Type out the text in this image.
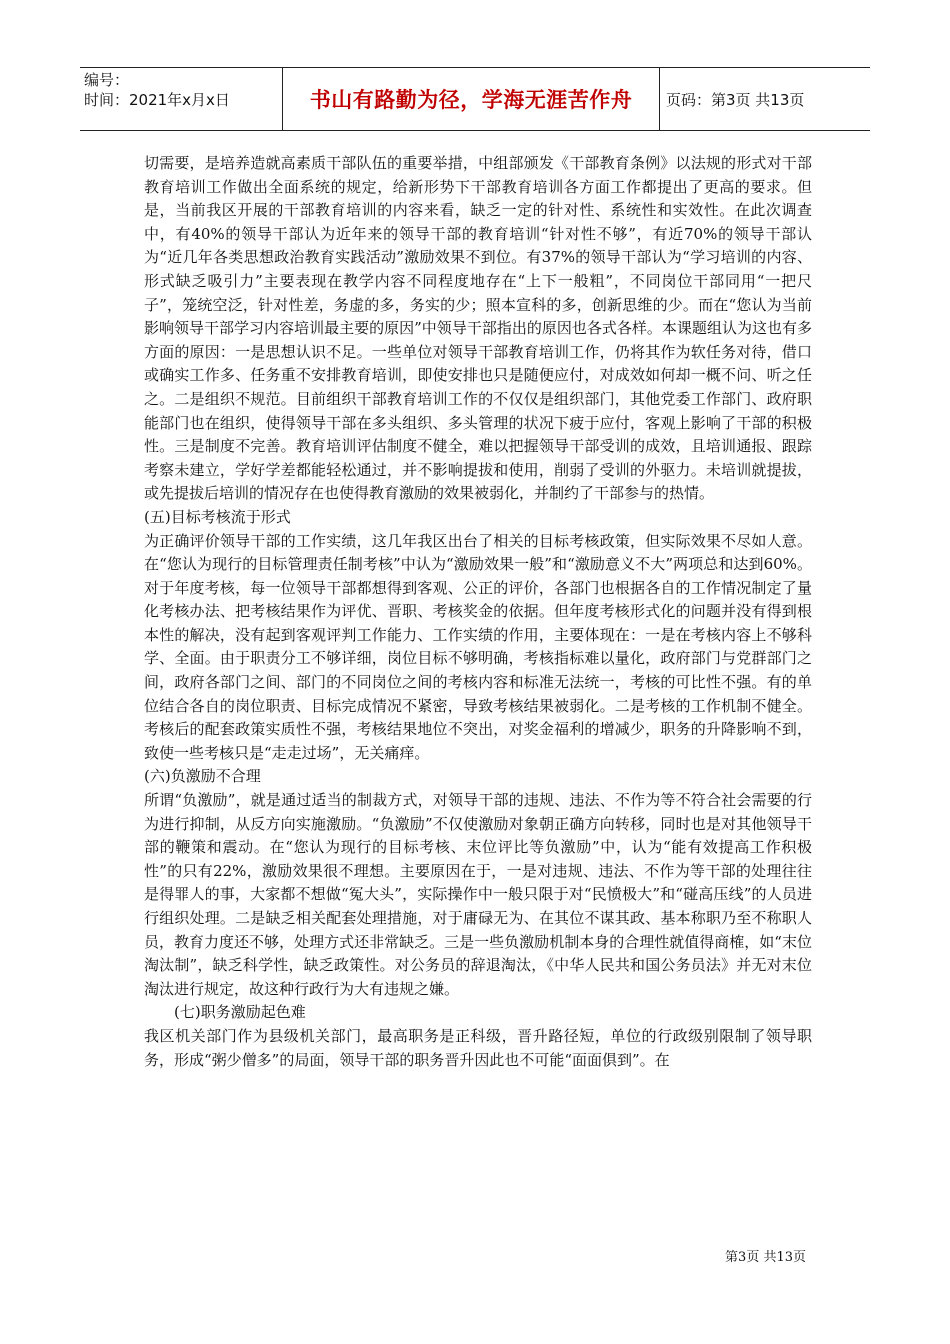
编号：
时间：2021年x月x日	书山有路勤为径，学海无涯苦作舟	页码：第3页 共13页

切需要，是培养造就高素质干部队伍的重要举措，中组部颁发《干部教育条例》以法规的形式对干部教育培训工作做出全面系统的规定，给新形势下干部教育培训各方面工作都提出了更高的要求。但是，当前我区开展的干部教育培训的内容来看，缺乏一定的针对性、系统性和实效性。在此次调查中，有40%的领导干部认为近年来的领导干部的教育培训“针对性不够”，有近70%的领导干部认为“近几年各类思想政治教育实践活动”激励效果不到位。有37%的领导干部认为“学习培训的内容、形式缺乏吸引力”主要表现在教学内容不同程度地存在“上下一般粗”，不同岗位干部同用“一把尺子”，笼统空泛，针对性差，务虚的多，务实的少；照本宣科的多，创新思维的少。而在“您认为当前影响领导干部学习内容培训最主要的原因”中领导干部指出的原因也各式各样。本课题组认为这也有多方面的原因：一是思想认识不足。一些单位对领导干部教育培训工作，仍将其作为软任务对待，借口或确实工作多、任务重不安排教育培训，即使安排也只是随便应付，对成效如何却一概不问、听之任之。二是组织不规范。目前组织干部教育培训工作的不仅仅是组织部门，其他党委工作部门、政府职能部门也在组织，使得领导干部在多头组织、多头管理的状况下疲于应付，客观上影响了干部的积极性。三是制度不完善。教育培训评估制度不健全，难以把握领导干部受训的成效，且培训通报、跟踪考察未建立，学好学差都能轻松通过，并不影响提拔和使用，削弱了受训的外驱力。未培训就提拔，或先提拔后培训的情况存在也使得教育激励的效果被弱化，并制约了干部参与的热情。

(五)目标考核流于形式

为正确评价领导干部的工作实绩，这几年我区出台了相关的目标考核政策，但实际效果不尽如人意。在“您认为现行的目标管理责任制考核”中认为“激励效果一般”和“激励意义不大”两项总和达到60%。对于年度考核，每一位领导干部都想得到客观、公正的评价，各部门也根据各自的工作情况制定了量化考核办法、把考核结果作为评优、晋职、考核奖金的依据。但年度考核形式化的问题并没有得到根本性的解决，没有起到客观评判工作能力、工作实绩的作用，主要体现在：一是在考核内容上不够科学、全面。由于职责分工不够详细，岗位目标不够明确，考核指标难以量化，政府部门与党群部门之间，政府各部门之间、部门的不同岗位之间的考核内容和标准无法统一，考核的可比性不强。有的单位结合各自的岗位职责、目标完成情况不紧密，导致考核结果被弱化。二是考核的工作机制不健全。考核后的配套政策实质性不强，考核结果地位不突出，对奖金福利的增减少，职务的升降影响不到，致使一些考核只是“走走过场”，无关痛痒。

(六)负激励不合理

所谓“负激励”，就是通过适当的制裁方式，对领导干部的违规、违法、不作为等不符合社会需要的行为进行抑制，从反方向实施激励。“负激励”不仅使激励对象朝正确方向转移，同时也是对其他领导干部的鞭策和震动。在“您认为现行的目标考核、末位评比等负激励”中，认为“能有效提高工作积极性”的只有22%，激励效果很不理想。主要原因在于，一是对违规、违法、不作为等干部的处理往往是得罪人的事，大家都不想做“冤大头”，实际操作中一般只限于对“民愤极大”和“碰高压线”的人员进行组织处理。二是缺乏相关配套处理措施，对于庸碌无为、在其位不谋其政、基本称职乃至不称职人员，教育力度还不够，处理方式还非常缺乏。三是一些负激励机制本身的合理性就值得商榷，如“末位淘汰制”，缺乏科学性，缺乏政策性。对公务员的辞退淘汰，《中华人民共和国公务员法》并无对末位淘汰进行规定，故这种行政行为大有违规之嫌。

(七)职务激励起色难

我区机关部门作为县级机关部门，最高职务是正科级，晋升路径短，单位的行政级别限制了领导职务，形成“粥少僧多”的局面，领导干部的职务晋升因此也不可能“面面俱到”。在

第3页 共13页
